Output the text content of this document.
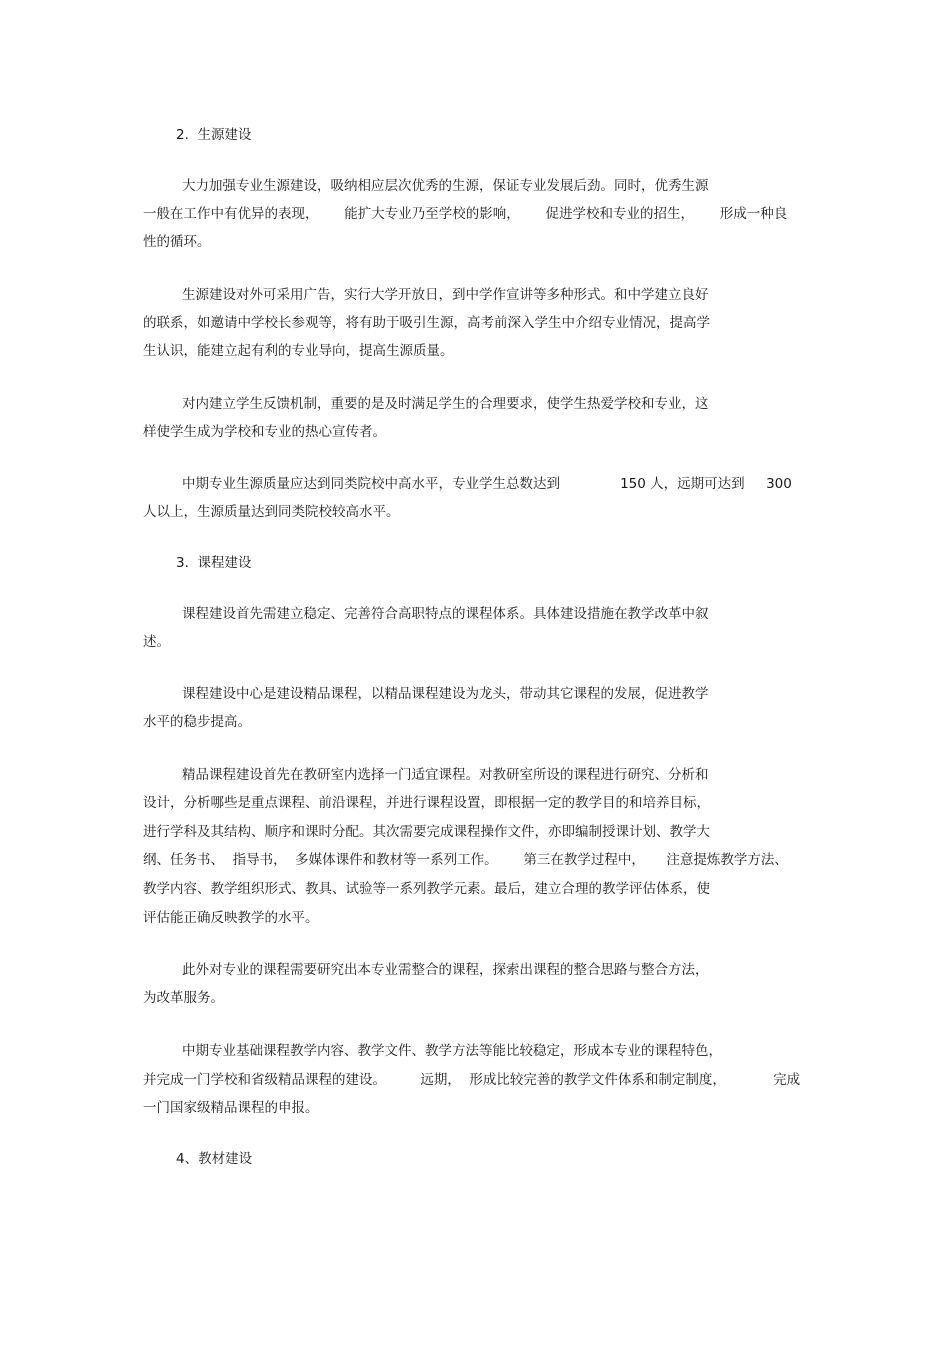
2.  生源建设

大力加强专业生源建设，吸纳相应层次优秀的生源，保证专业发展后劲。同时，优秀生源

一般在工作中有优异的表现，      能扩大专业乃至学校的影响，      促进学校和专业的招生，      形成一种良

性的循环。

生源建设对外可采用广告，实行大学开放日，到中学作宣讲等多种形式。和中学建立良好

的联系，如邀请中学校长参观等，将有助于吸引生源，高考前深入学生中介绍专业情况，提高学

生认识，能建立起有利的专业导向，提高生源质量。

对内建立学生反馈机制，重要的是及时满足学生的合理要求，使学生热爱学校和专业，这

样使学生成为学校和专业的热心宣传者。

中期专业生源质量应达到同类院校中高水平，专业学生总数达到              150 人，远期可达到     300

人以上，生源质量达到同类院校较高水平。

3.  课程建设

课程建设首先需建立稳定、完善符合高职特点的课程体系。具体建设措施在教学改革中叙

述。

课程建设中心是建设精品课程，以精品课程建设为龙头，带动其它课程的发展，促进教学

水平的稳步提高。

精品课程建设首先在教研室内选择一门适宜课程。对教研室所设的课程进行研究、分析和

设计，分析哪些是重点课程、前沿课程，并进行课程设置，即根据一定的教学目的和培养目标，

进行学科及其结构、顺序和课时分配。其次需要完成课程操作文件，亦即编制授课计划、教学大

纲、任务书、  指导书，  多媒体课件和教材等一系列工作。      第三在教学过程中，     注意提炼教学方法、

教学内容、教学组织形式、教具、试验等一系列教学元素。最后，建立合理的教学评估体系，使

评估能正确反映教学的水平。

此外对专业的课程需要研究出本专业需整合的课程，探索出课程的整合思路与整合方法，

为改革服务。

中期专业基础课程教学内容、教学文件、教学方法等能比较稳定，形成本专业的课程特色，

并完成一门学校和省级精品课程的建设。        远期，  形成比较完善的教学文件体系和制定制度，           完成

一门国家级精品课程的申报。

4、教材建设
